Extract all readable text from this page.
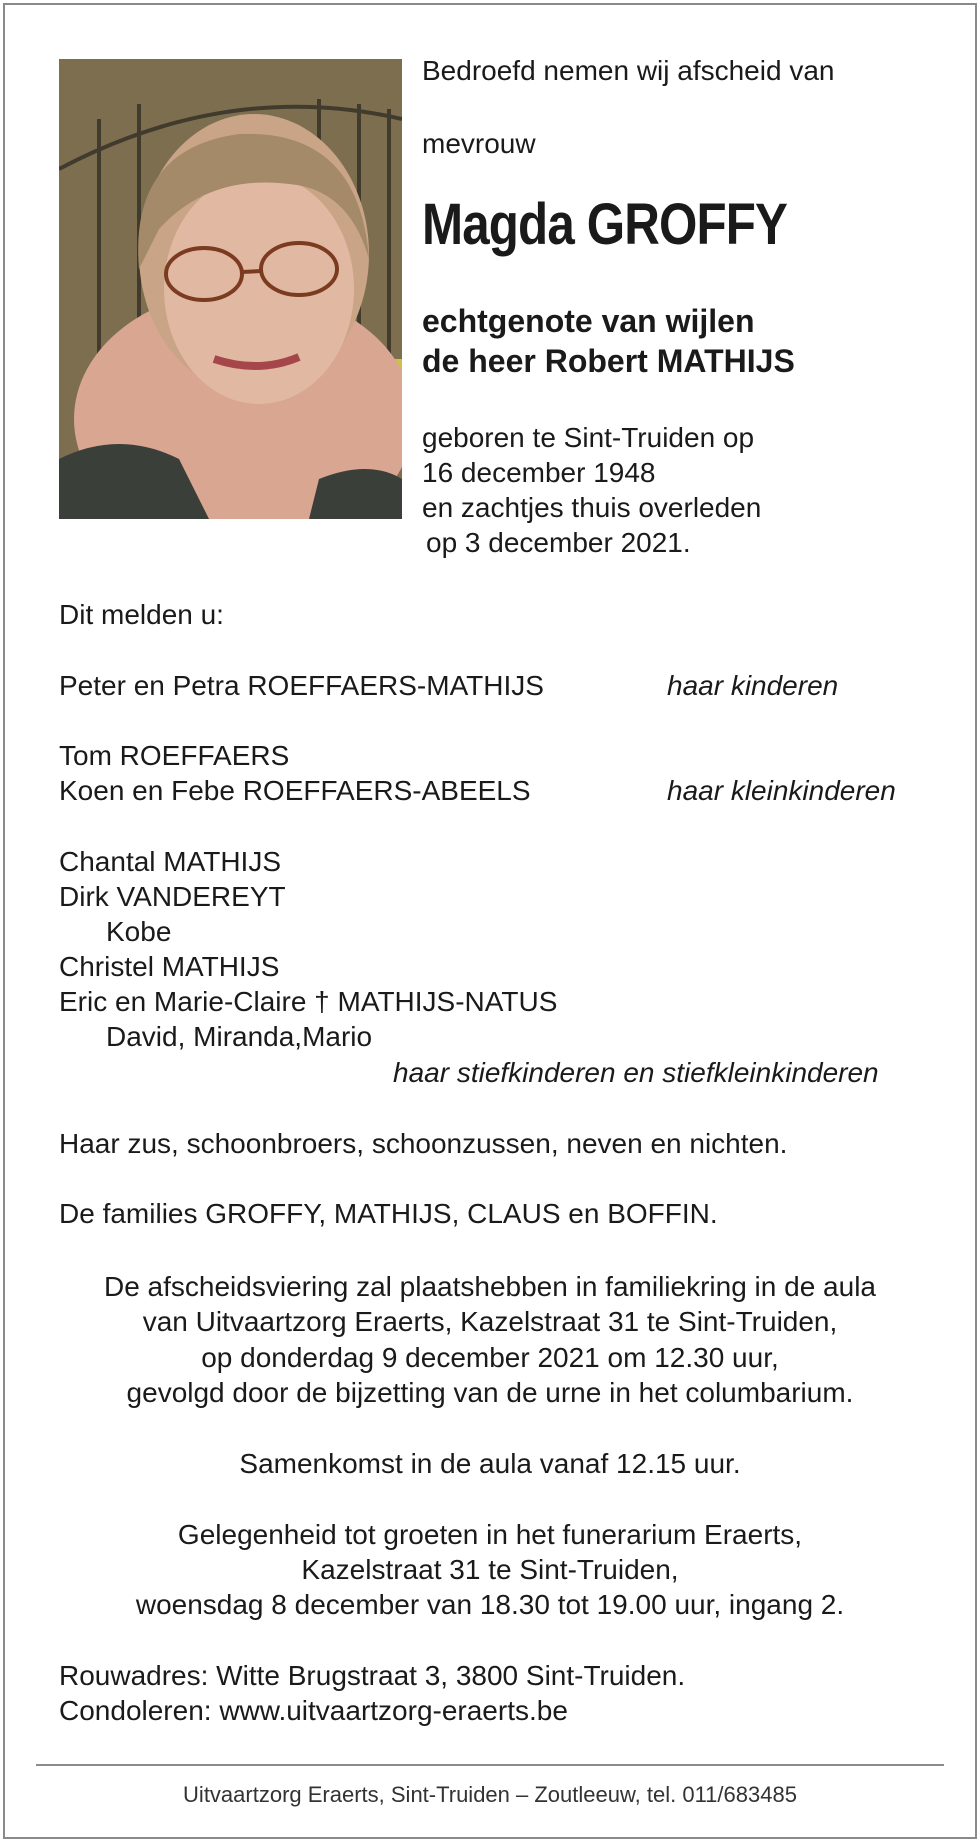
Bedroefd nemen wij afscheid van
mevrouw
Magda GROFFY
echtgenote van wijlen
de heer Robert MATHIJS
geboren te Sint-Truiden op
16 december 1948
en zachtjes thuis overleden
op 3 december 2021.
Dit melden u:
Peter en Petra ROEFFAERS-MATHIJS	haar kinderen
Tom ROEFFAERS
Koen en Febe ROEFFAERS-ABEELS	haar kleinkinderen
Chantal MATHIJS
Dirk VANDEREYT
Kobe
Christel MATHIJS
Eric en Marie-Claire † MATHIJS-NATUS
David, Miranda,Mario
haar stiefkinderen en stiefkleinkinderen
Haar zus, schoonbroers, schoonzussen, neven en nichten.
De families GROFFY, MATHIJS, CLAUS en BOFFIN.
De afscheidsviering zal plaatshebben in familiekring in de aula
van Uitvaartzorg Eraerts, Kazelstraat 31 te Sint-Truiden,
op donderdag 9 december 2021 om 12.30 uur,
gevolgd door de bijzetting van de urne in het columbarium.
Samenkomst in de aula vanaf 12.15 uur.
Gelegenheid tot groeten in het funerarium Eraerts,
Kazelstraat 31 te Sint-Truiden,
woensdag 8 december van 18.30 tot 19.00 uur, ingang 2.
Rouwadres: Witte Brugstraat 3, 3800 Sint-Truiden.
Condoleren: www.uitvaartzorg-eraerts.be
Uitvaartzorg Eraerts, Sint-Truiden – Zoutleeuw, tel. 011/683485
